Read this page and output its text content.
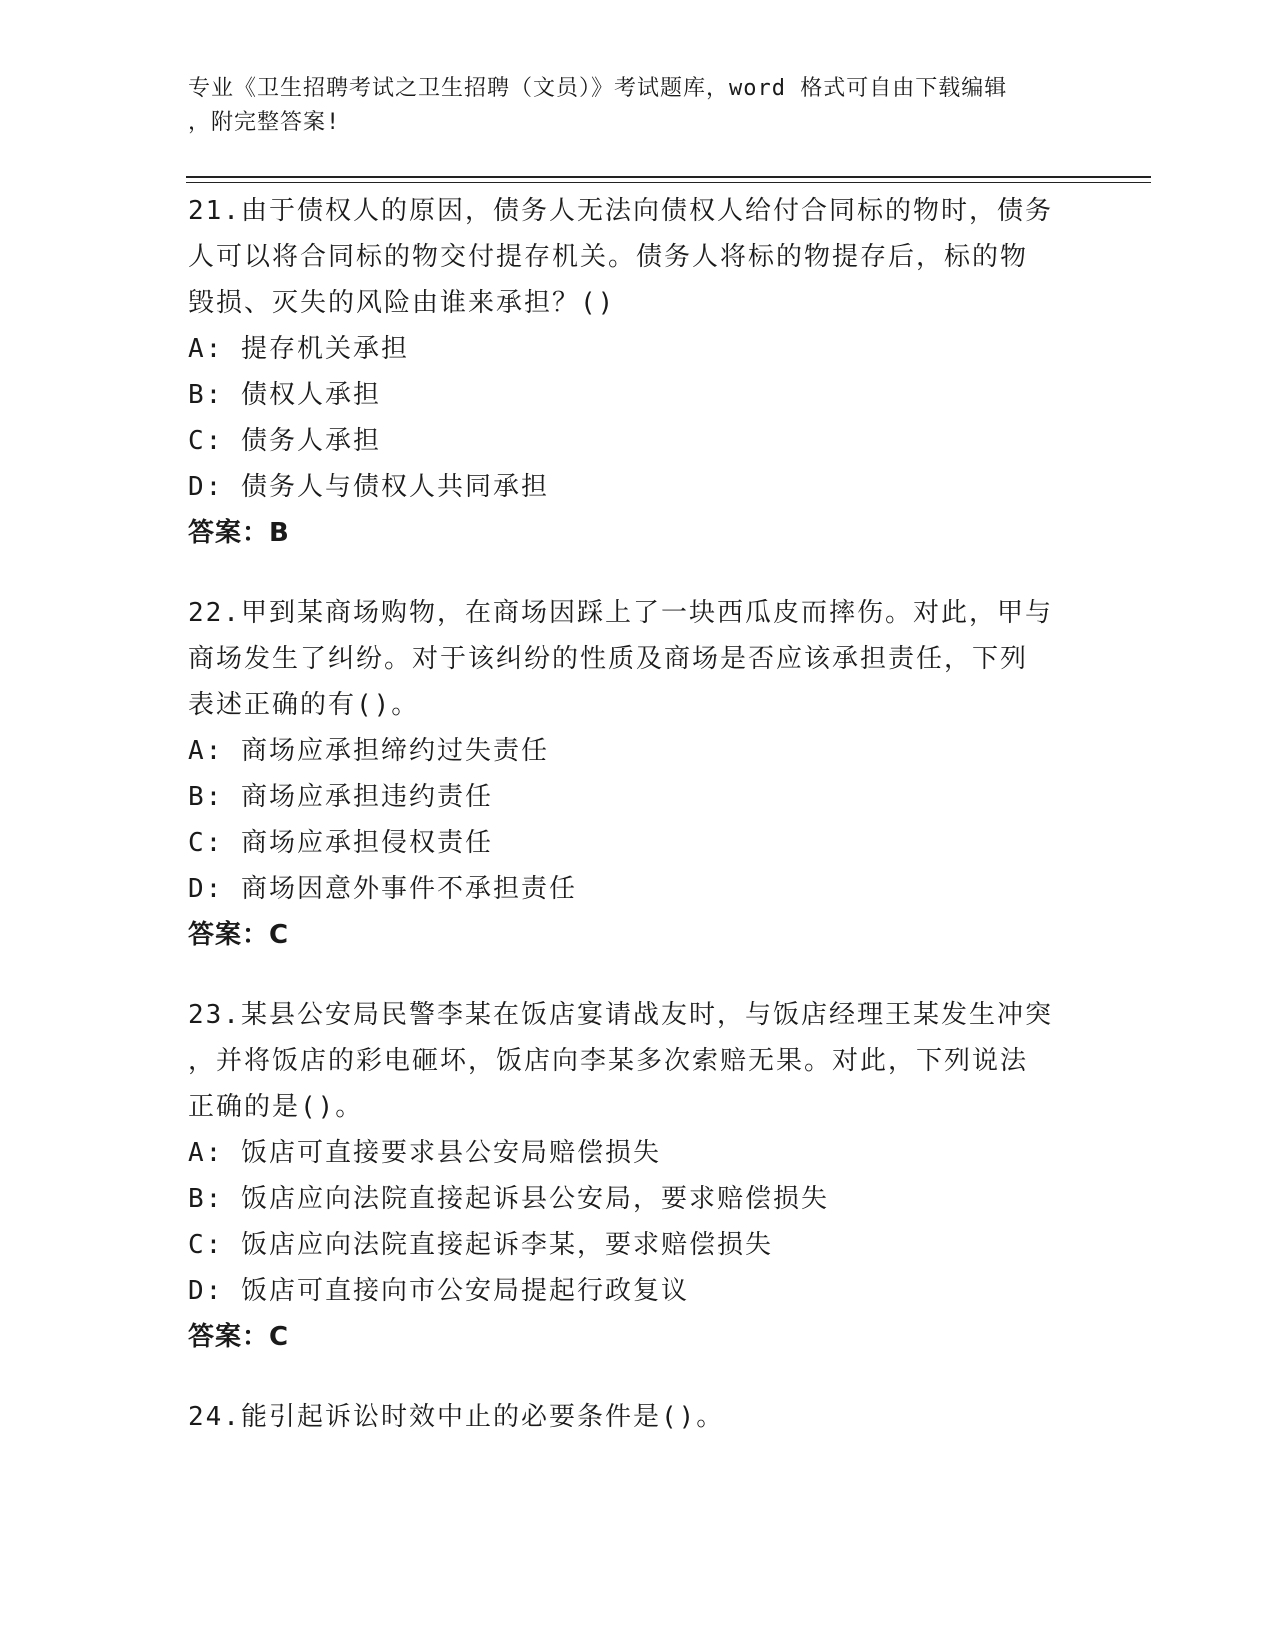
专业《卫生招聘考试之卫生招聘（文员）》考试题库，word 格式可自由下载编辑
，附完整答案!

21.由于债权人的原因，债务人无法向债权人给付合同标的物时，债务

人可以将合同标的物交付提存机关。债务人将标的物提存后，标的物

毁损、灭失的风险由谁来承担？()

A: 提存机关承担

B: 债权人承担

C: 债务人承担

D: 债务人与债权人共同承担

答案：B

22.甲到某商场购物，在商场因踩上了一块西瓜皮而摔伤。对此，甲与

商场发生了纠纷。对于该纠纷的性质及商场是否应该承担责任，下列

表述正确的有()。

A: 商场应承担缔约过失责任

B: 商场应承担违约责任

C: 商场应承担侵权责任

D: 商场因意外事件不承担责任

答案：C

23.某县公安局民警李某在饭店宴请战友时，与饭店经理王某发生冲突

，并将饭店的彩电砸坏，饭店向李某多次索赔无果。对此，下列说法

正确的是()。

A: 饭店可直接要求县公安局赔偿损失

B: 饭店应向法院直接起诉县公安局，要求赔偿损失

C: 饭店应向法院直接起诉李某，要求赔偿损失

D: 饭店可直接向市公安局提起行政复议

答案：C

24.能引起诉讼时效中止的必要条件是()。
